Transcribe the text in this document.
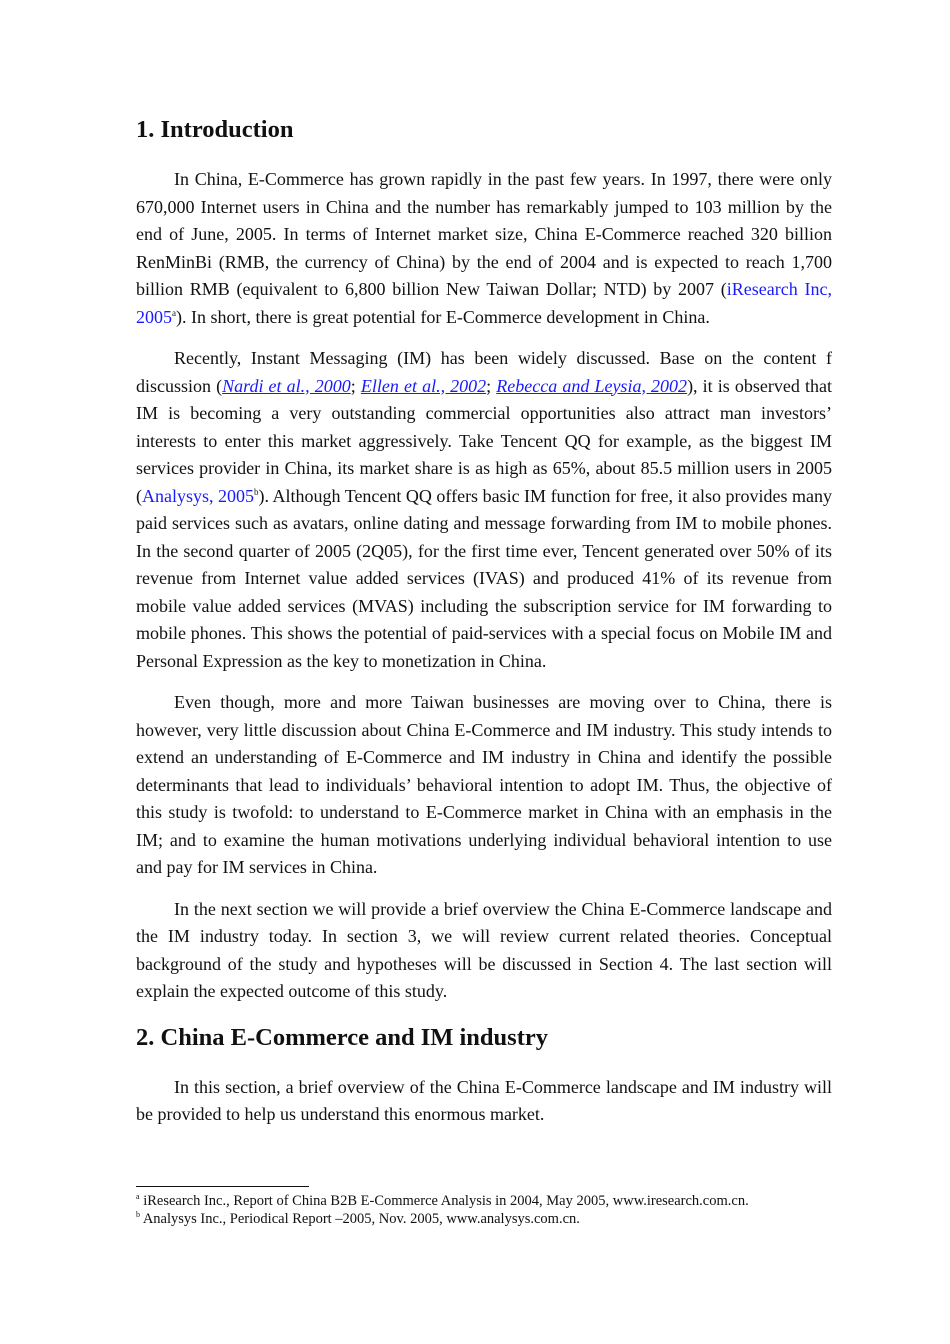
1. Introduction

In China, E-Commerce has grown rapidly in the past few years. In 1997, there were only 670,000 Internet users in China and the number has remarkably jumped to 103 million by the end of June, 2005. In terms of Internet market size, China E-Commerce reached 320 billion RenMinBi (RMB, the currency of China) by the end of 2004 and is expected to reach 1,700 billion RMB (equivalent to 6,800 billion New Taiwan Dollar; NTD) by 2007 (iResearch Inc, 2005$^a$). In short, there is great potential for E-Commerce development in China.

Recently, Instant Messaging (IM) has been widely discussed. Base on the content f discussion (Nardi et al., 2000; Ellen et al., 2002; Rebecca and Leysia, 2002), it is observed that IM is becoming a very outstanding commercial opportunities also attract man investors’ interests to enter this market aggressively. Take Tencent QQ for example, as the biggest IM services provider in China, its market share is as high as 65%, about 85.5 million users in 2005 (Analysys, 2005$^b$). Although Tencent QQ offers basic IM function for free, it also provides many paid services such as avatars, online dating and message forwarding from IM to mobile phones. In the second quarter of 2005 (2Q05), for the first time ever, Tencent generated over 50% of its revenue from Internet value added services (IVAS) and produced 41% of its revenue from mobile value added services (MVAS) including the subscription service for IM forwarding to mobile phones. This shows the potential of paid-services with a special focus on Mobile IM and Personal Expression as the key to monetization in China.

Even though, more and more Taiwan businesses are moving over to China, there is however, very little discussion about China E-Commerce and IM industry. This study intends to extend an understanding of E-Commerce and IM industry in China and identify the possible determinants that lead to individuals’ behavioral intention to adopt IM. Thus, the objective of this study is twofold: to understand to E-Commerce market in China with an emphasis in the IM; and to examine the human motivations underlying individual behavioral intention to use and pay for IM services in China.

In the next section we will provide a brief overview the China E-Commerce landscape and the IM industry today. In section 3, we will review current related theories. Conceptual background of the study and hypotheses will be discussed in Section 4. The last section will explain the expected outcome of this study.

2. China E-Commerce and IM industry

In this section, a brief overview of the China E-Commerce landscape and IM industry will be provided to help us understand this enormous market.

$^a$ iResearch Inc., Report of China B2B E-Commerce Analysis in 2004, May 2005, www.iresearch.com.cn.
$^b$ Analysys Inc., Periodical Report –2005, Nov. 2005, www.analysys.com.cn.
